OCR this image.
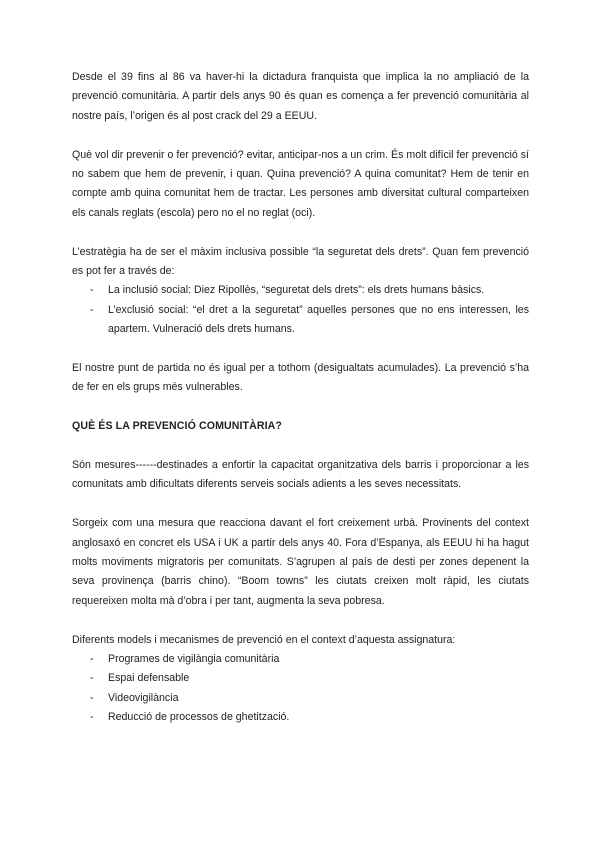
Desde el 39 fins al 86 va haver-hi la dictadura franquista que implica la no ampliació de la prevenció comunitària. A partir dels anys 90 és quan es comença a fer prevenció comunitària al nostre país, l’origen és al post crack del 29 a EEUU.

Què vol dir prevenir o fer prevenció? evitar, anticipar-nos a un crim. És molt difícil fer prevenció sí no sabem que hem de prevenir, i quan. Quina prevenció? A quina comunitat? Hem de tenir en compte amb quina comunitat hem de tractar. Les persones amb diversitat cultural comparteixen els canals reglats (escola) pero no el no reglat (oci).

L’estratègia ha de ser el màxim inclusiva possible “la seguretat dels drets”. Quan fem prevenció es pot fer a través de:

- La inclusió social: Diez Ripollès, “seguretat dels drets”: els drets humans bàsics.
- L’exclusió social: “el dret a la seguretat” aquelles persones que no ens interessen, les apartem. Vulneració dels drets humans.

El nostre punt de partida no és igual per a tothom (desigualtats acumulades). La prevenció s’ha de fer en els grups més vulnerables.

QUÈ ÉS LA PREVENCIÓ COMUNITÀRIA?

Són mesures------destinades a enfortir la capacitat organitzativa dels barris i proporcionar a les comunitats amb dificultats diferents serveis socials adients a les seves necessitats.

Sorgeix com una mesura que reacciona davant el fort creixement urbà. Provinents del context anglosaxó en concret els USA i UK a partir dels anys 40. Fora d’Espanya, als EEUU hi ha hagut molts moviments migratoris per comunitats. S’agrupen al país de desti per zones depenent la seva provinença (barris chino). “Boom towns” les ciutats creixen molt ràpid, les ciutats requereixen molta mà d’obra i per tant, augmenta la seva pobresa.

Diferents models i mecanismes de prevenció en el context d’aquesta assignatura:

- Programes de vigilàngia comunitària
- Espai defensable
- Videovigilància
- Reducció de processos de ghetització.
